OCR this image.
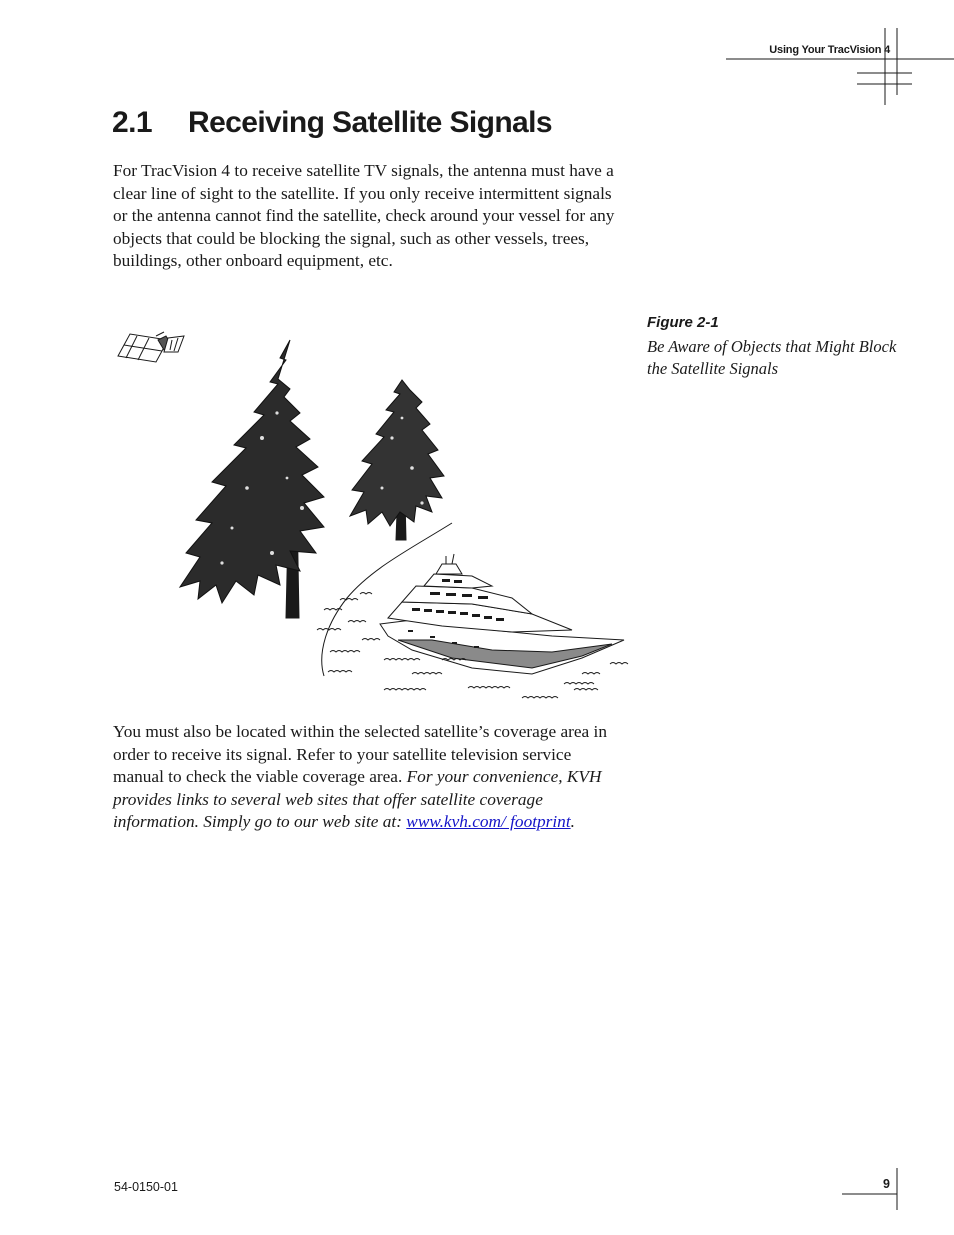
Using Your TracVision 4
2.1 Receiving Satellite Signals

For TracVision 4 to receive satellite TV signals, the antenna must have a clear line of sight to the satellite. If you only receive intermittent signals or the antenna cannot find the satellite, check around your vessel for any objects that could be blocking the signal, such as other vessels, trees, buildings, other onboard equipment, etc.

Figure 2-1

Be Aware of Objects that Might Block the Satellite Signals

You must also be located within the selected satellite’s coverage area in order to receive its signal. Refer to your satellite television service manual to check the viable coverage area. For your convenience, KVH provides links to several web sites that offer satellite coverage information. Simply go to our web site at: www.kvh.com/ footprint.

54-0150-01	9
